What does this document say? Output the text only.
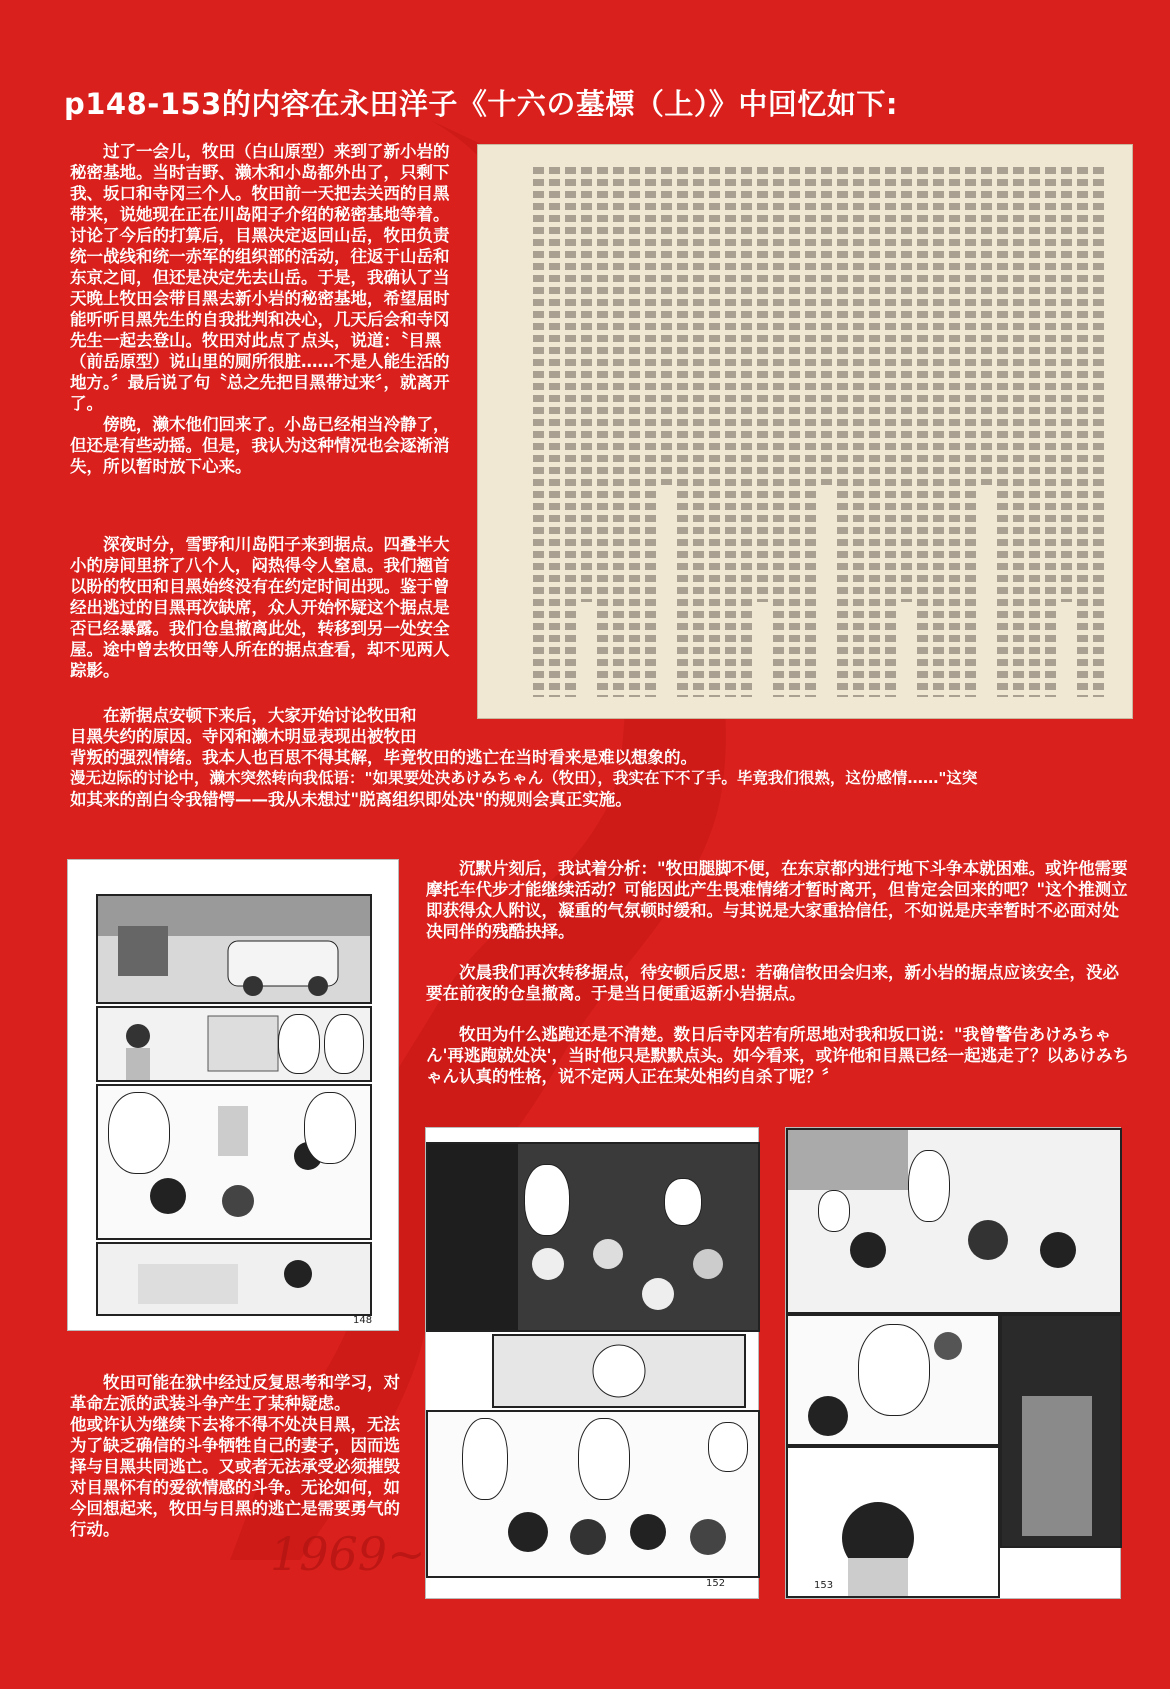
1969~
p148-153的内容在永田洋子《十六の墓標（上）》中回忆如下:

过了一会儿，牧田（白山原型）来到了新小岩的秘密基地。当时吉野、濑木和小岛都外出了，只剩下我、坂口和寺冈三个人。牧田前一天把去关西的目黑带来，说她现在正在川岛阳子介绍的秘密基地等着。讨论了今后的打算后，目黑决定返回山岳，牧田负责统一战线和统一赤军的组织部的活动，往返于山岳和东京之间，但还是决定先去山岳。于是，我确认了当天晚上牧田会带目黑去新小岩的秘密基地，希望届时能听听目黑先生的自我批判和决心，几天后会和寺冈先生一起去登山。牧田对此点了点头，说道：〝目黑（前岳原型）说山里的厕所很脏……不是人能生活的地方。〞最后说了句〝总之先把目黑带过来〞，就离开了。

傍晚，濑木他们回来了。小岛已经相当冷静了，但还是有些动摇。但是，我认为这种情况也会逐渐消失，所以暂时放下心来。

深夜时分，雪野和川岛阳子来到据点。四叠半大小的房间里挤了八个人，闷热得令人窒息。我们翘首以盼的牧田和目黑始终没有在约定时间出现。鉴于曾经出逃过的目黑再次缺席，众人开始怀疑这个据点是否已经暴露。我们仓皇撤离此处，转移到另一处安全屋。途中曾去牧田等人所在的据点查看，却不见两人踪影。

在新据点安顿下来后，大家开始讨论牧田和

目黑失约的原因。寺冈和濑木明显表现出被牧田

背叛的强烈情绪。我本人也百思不得其解，毕竟牧田的逃亡在当时看来是难以想象的。

漫无边际的讨论中，濑木突然转向我低语："如果要处决あけみちゃん（牧田），我实在下不了手。毕竟我们很熟，这份感情……"这突

如其来的剖白令我错愕——我从未想过"脱离组织即处决"的规则会真正实施。

148

沉默片刻后，我试着分析："牧田腿脚不便，在东京都内进行地下斗争本就困难。或许他需要摩托车代步才能继续活动？可能因此产生畏难情绪才暂时离开，但肯定会回来的吧？"这个推测立即获得众人附议，凝重的气氛顿时缓和。与其说是大家重拾信任，不如说是庆幸暂时不必面对处决同伴的残酷抉择。

次晨我们再次转移据点，待安顿后反思：若确信牧田会归来，新小岩的据点应该安全，没必要在前夜的仓皇撤离。于是当日便重返新小岩据点。

牧田为什么逃跑还是不清楚。数日后寺冈若有所思地对我和坂口说："我曾警告あけみちゃん'再逃跑就处决'，当时他只是默默点头。如今看来，或许他和目黑已经一起逃走了？以あけみちゃん认真的性格，说不定两人正在某处相约自杀了呢？〞

152	153

牧田可能在狱中经过反复思考和学习，对革命左派的武装斗争产生了某种疑虑。

他或许认为继续下去将不得不处决目黑，无法为了缺乏确信的斗争牺牲自己的妻子，因而选择与目黑共同逃亡。又或者无法承受必须摧毁对目黑怀有的爱欲情感的斗争。无论如何，如今回想起来，牧田与目黑的逃亡是需要勇气的行动。
